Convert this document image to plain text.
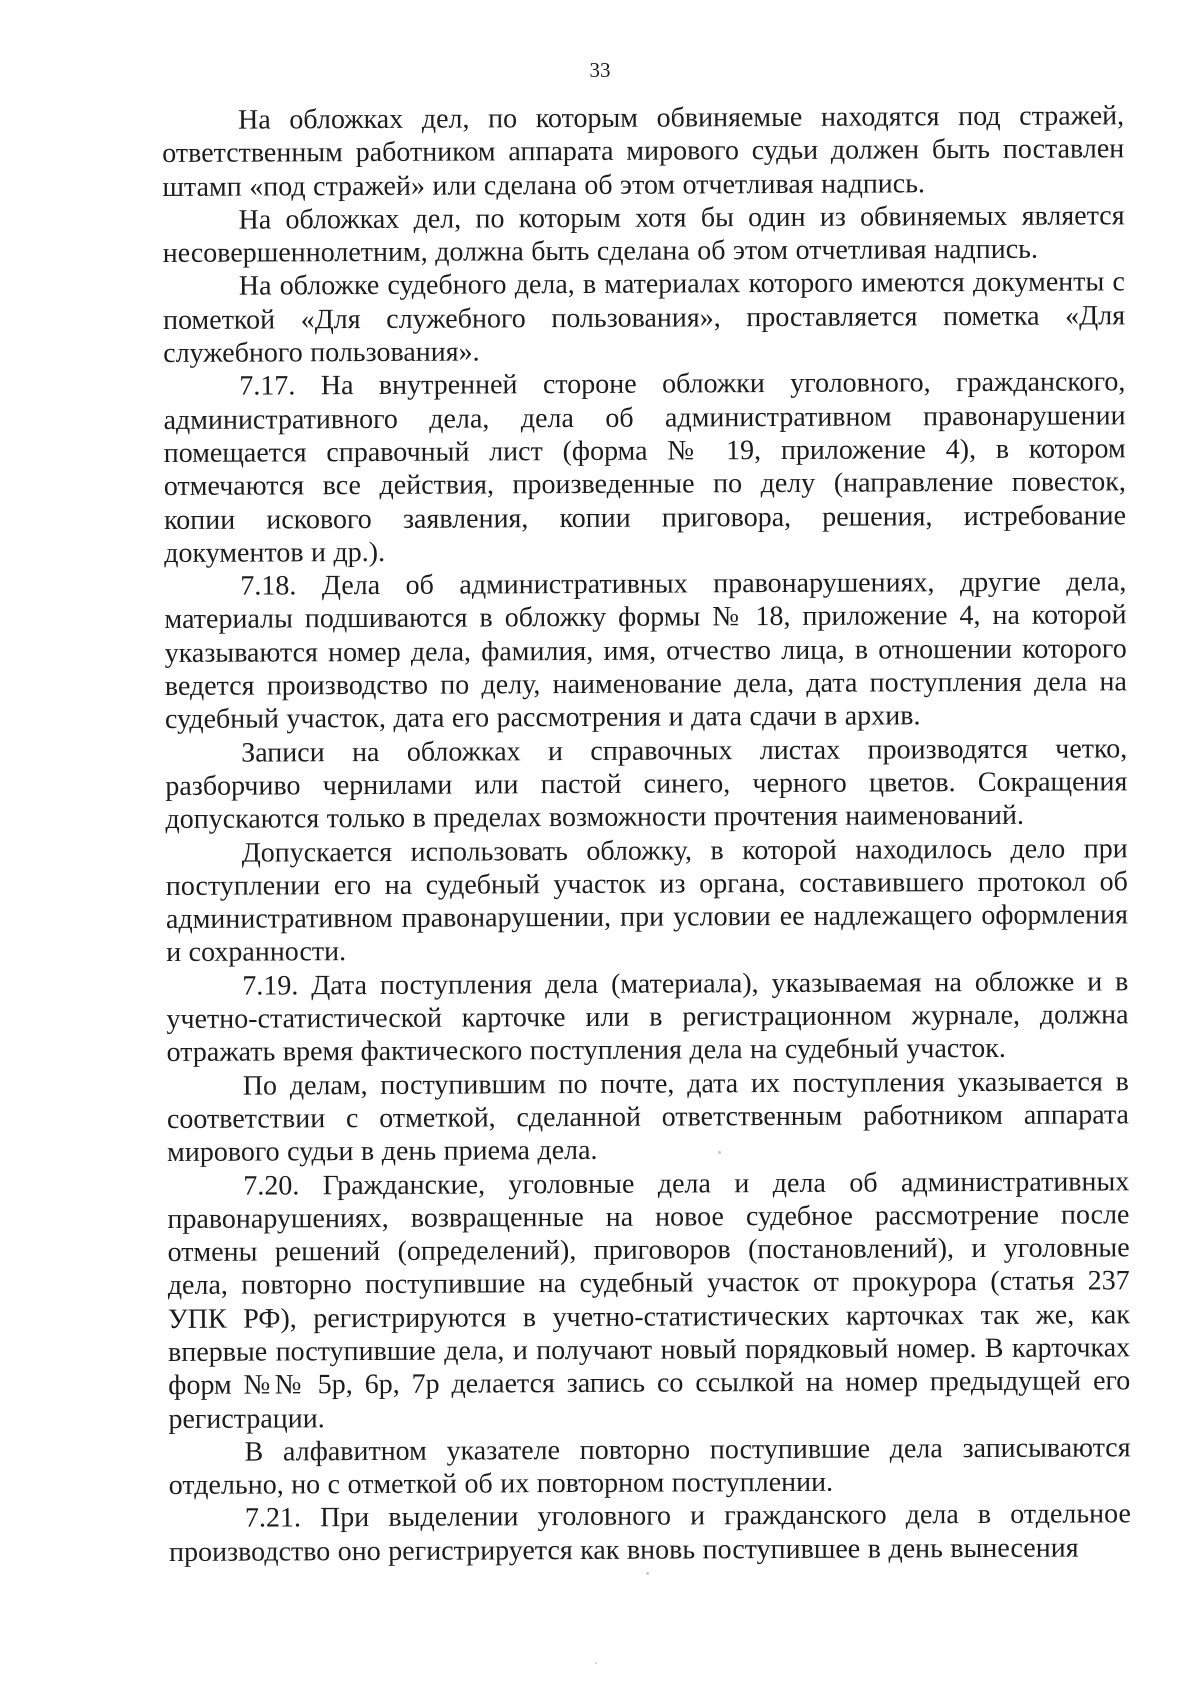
33

На обложках дел, по которым обвиняемые находятся под стражей, ответственным работником аппарата мирового судьи должен быть поставлен штамп «под стражей» или сделана об этом отчетливая надпись.

На обложках дел, по которым хотя бы один из обвиняемых является несовершеннолетним, должна быть сделана об этом отчетливая надпись.

На обложке судебного дела, в материалах которого имеются документы с пометкой «Для служебного пользования», проставляется пометка «Для служебного пользования».

7.17. На внутренней стороне обложки уголовного, гражданского, административного дела, дела об административном правонарушении помещается справочный лист (форма № 19, приложение 4), в котором отмечаются все действия, произведенные по делу (направление повесток, копии искового заявления, копии приговора, решения, истребование документов и др.).

7.18. Дела об административных правонарушениях, другие дела, материалы подшиваются в обложку формы № 18, приложение 4, на которой указываются номер дела, фамилия, имя, отчество лица, в отношении которого ведется производство по делу, наименование дела, дата поступления дела на судебный участок, дата его рассмотрения и дата сдачи в архив.

Записи на обложках и справочных листах производятся четко, разборчиво чернилами или пастой синего, черного цветов. Сокращения допускаются только в пределах возможности прочтения наименований.

Допускается использовать обложку, в которой находилось дело при поступлении его на судебный участок из органа, составившего протокол об административном правонарушении, при условии ее надлежащего оформления и сохранности.

7.19. Дата поступления дела (материала), указываемая на обложке и в учетно-статистической карточке или в регистрационном журнале, должна отражать время фактического поступления дела на судебный участок.

По делам, поступившим по почте, дата их поступления указывается в соответствии с отметкой, сделанной ответственным работником аппарата мирового судьи в день приема дела.

7.20. Гражданские, уголовные дела и дела об административных правонарушениях, возвращенные на новое судебное рассмотрение после отмены решений (определений), приговоров (постановлений), и уголовные дела, повторно поступившие на судебный участок от прокурора (статья 237 УПК РФ), регистрируются в учетно-статистических карточках так же, как впервые поступившие дела, и получают новый порядковый номер. В карточках форм №№ 5р, 6р, 7р делается запись со ссылкой на номер предыдущей его регистрации.

В алфавитном указателе повторно поступившие дела записываются отдельно, но с отметкой об их повторном поступлении.

7.21. При выделении уголовного и гражданского дела в отдельное производство оно регистрируется как вновь поступившее в день вынесения
